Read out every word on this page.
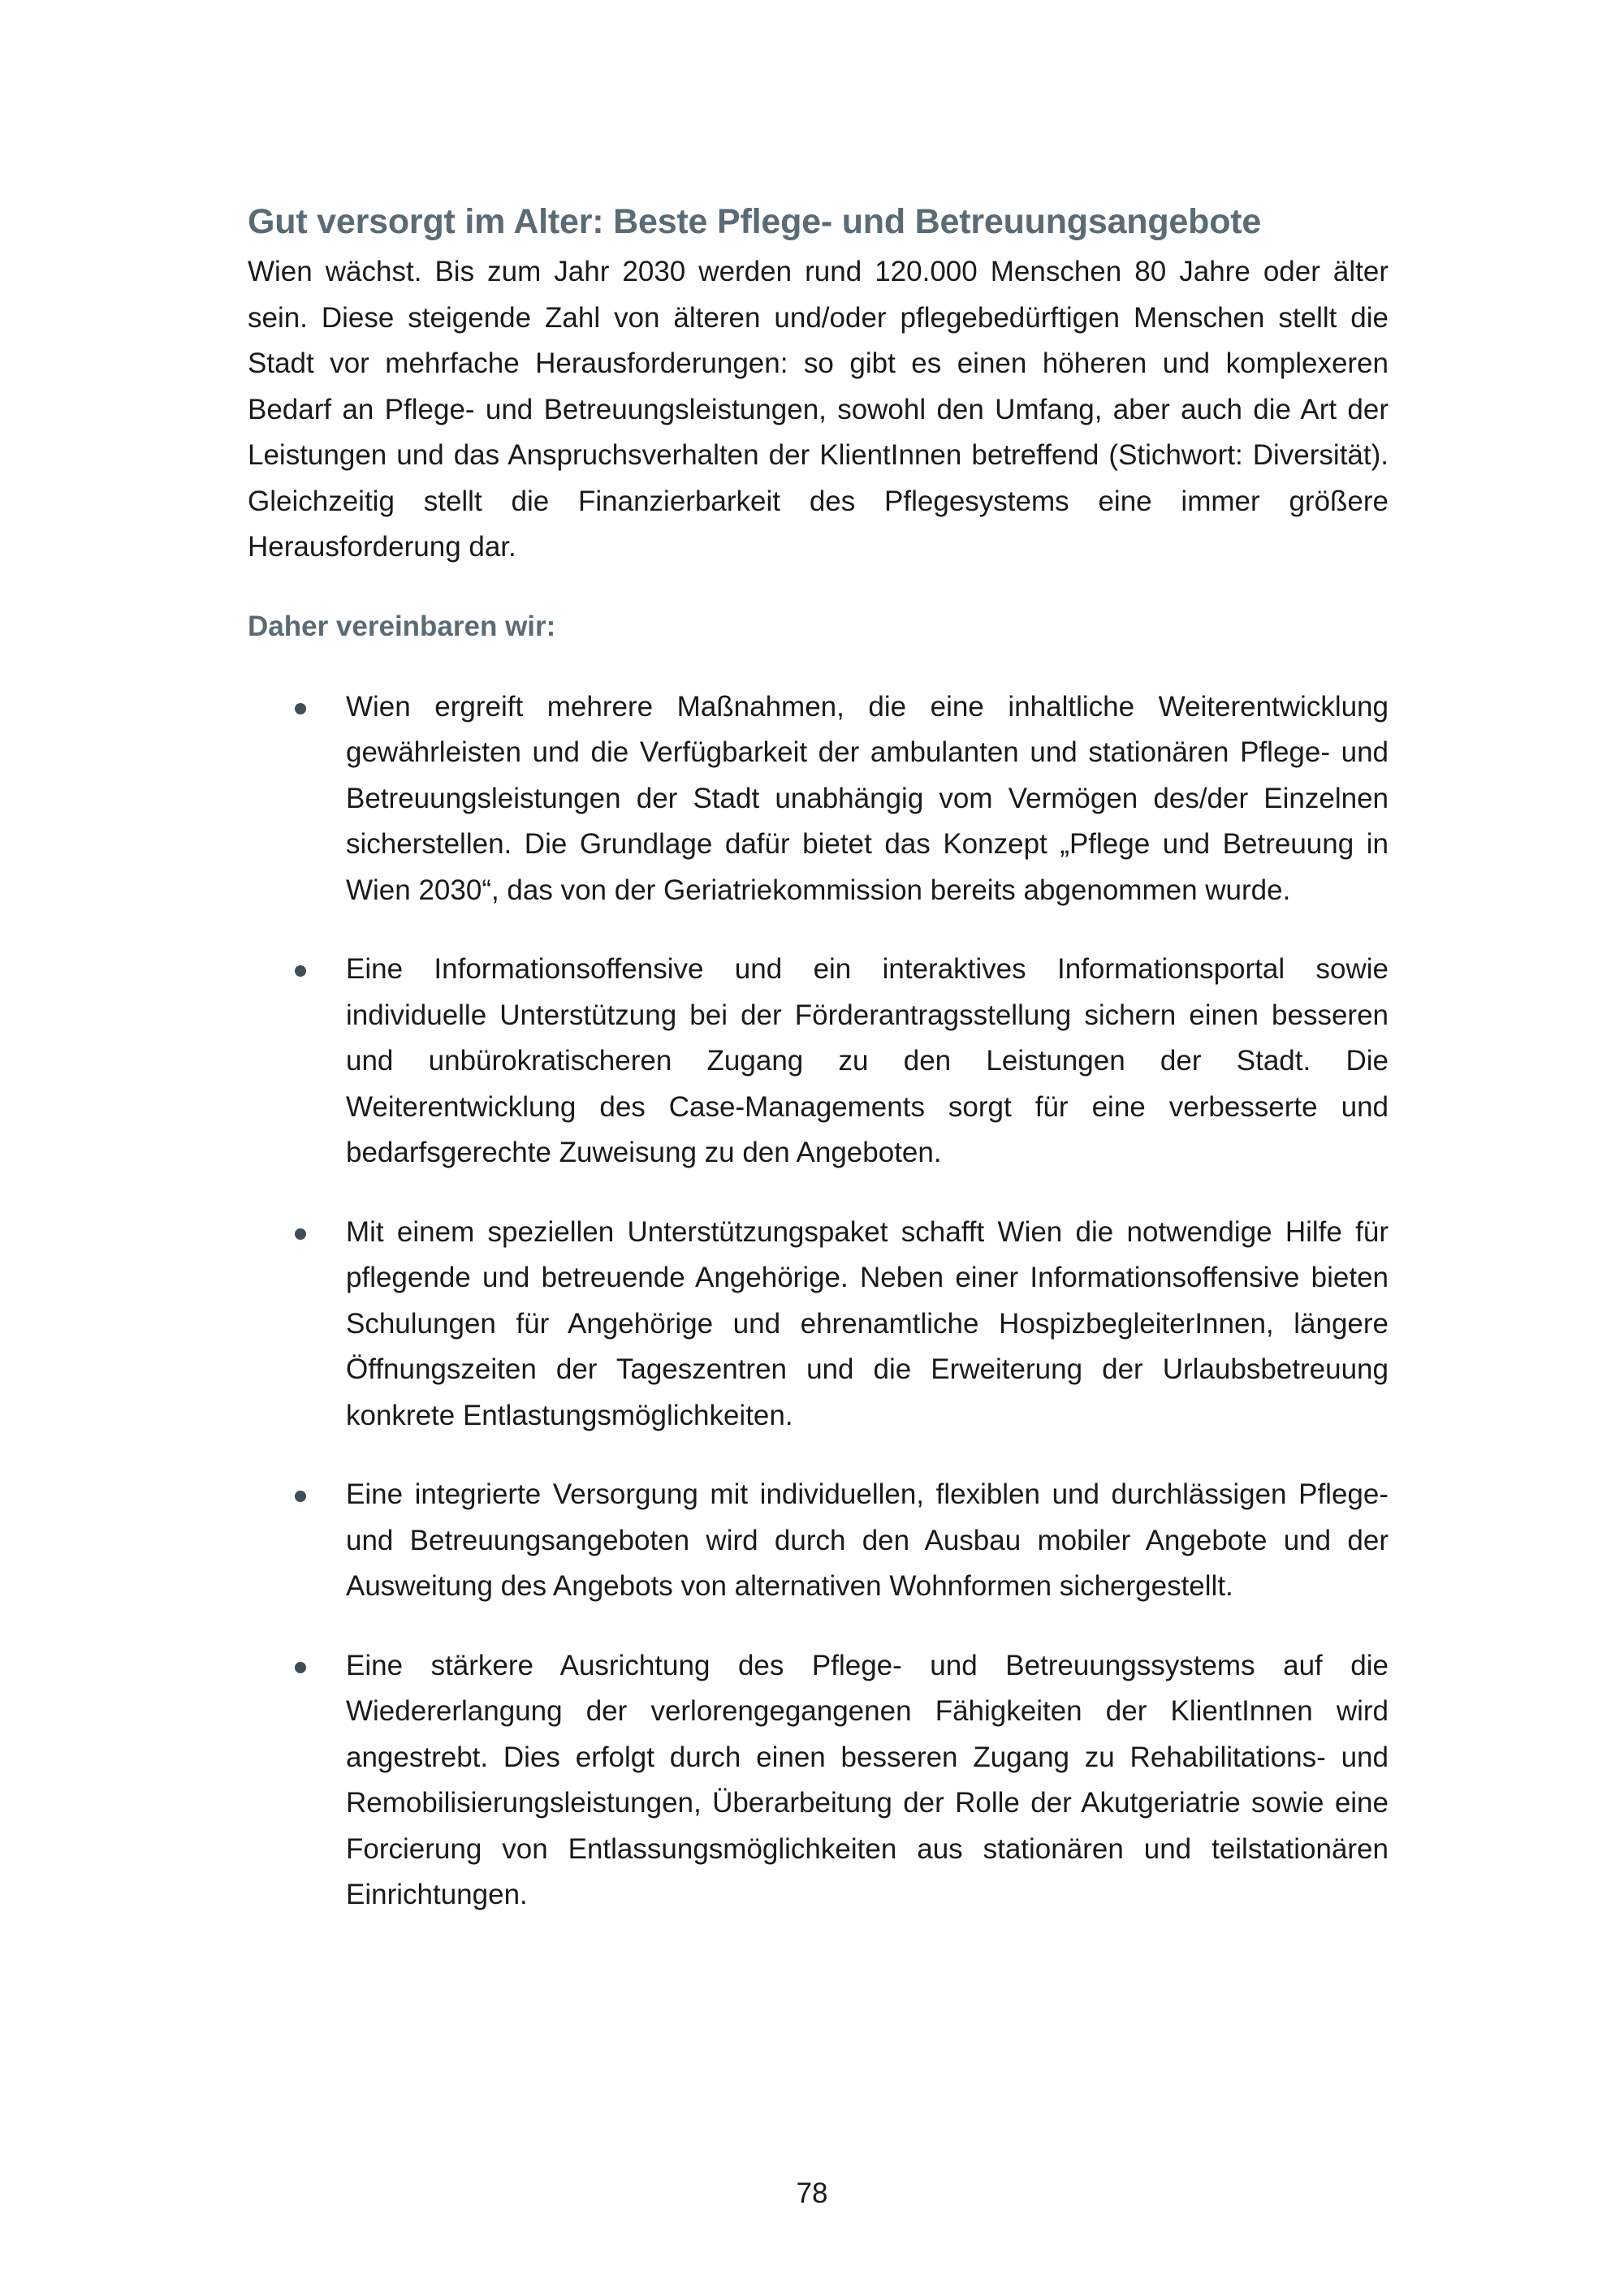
Gut versorgt im Alter: Beste Pflege- und Betreuungsangebote

Wien wächst. Bis zum Jahr 2030 werden rund 120.000 Menschen 80 Jahre oder älter sein. Diese steigende Zahl von älteren und/oder pflegebedürftigen Menschen stellt die Stadt vor mehrfache Herausforderungen: so gibt es einen höheren und komplexeren Bedarf an Pflege- und Betreuungsleistungen, sowohl den Umfang, aber auch die Art der Leistungen und das Anspruchsverhalten der KlientInnen betreffend (Stichwort: Diversität). Gleichzeitig stellt die Finanzierbarkeit des Pflegesystems eine immer größere Herausforderung dar.

Daher vereinbaren wir:

Wien ergreift mehrere Maßnahmen, die eine inhaltliche Weiterentwicklung gewährleisten und die Verfügbarkeit der ambulanten und stationären Pflege- und Betreuungsleistungen der Stadt unabhängig vom Vermögen des/der Einzelnen sicherstellen. Die Grundlage dafür bietet das Konzept „Pflege und Betreuung in Wien 2030“, das von der Geriatriekommission bereits abgenommen wurde.

Eine Informationsoffensive und ein interaktives Informationsportal sowie individuelle Unterstützung bei der Förderantragsstellung sichern einen besseren und unbürokratischeren Zugang zu den Leistungen der Stadt. Die Weiterentwicklung des Case-Managements sorgt für eine verbesserte und bedarfsgerechte Zuweisung zu den Angeboten.

Mit einem speziellen Unterstützungspaket schafft Wien die notwendige Hilfe für pflegende und betreuende Angehörige. Neben einer Informationsoffensive bieten Schulungen für Angehörige und ehrenamtliche HospizbegleiterInnen, längere Öffnungszeiten der Tageszentren und die Erweiterung der Urlaubsbetreuung konkrete Entlastungsmöglichkeiten.

Eine integrierte Versorgung mit individuellen, flexiblen und durchlässigen Pflege- und Betreuungsangeboten wird durch den Ausbau mobiler Angebote und der Ausweitung des Angebots von alternativen Wohnformen sichergestellt.

Eine stärkere Ausrichtung des Pflege- und Betreuungssystems auf die Wiedererlangung der verlorengegangenen Fähigkeiten der KlientInnen wird angestrebt. Dies erfolgt durch einen besseren Zugang zu Rehabilitations- und Remobilisierungsleistungen, Überarbeitung der Rolle der Akutgeriatrie sowie eine Forcierung von Entlassungsmöglichkeiten aus stationären und teilstationären Einrichtungen.

78
